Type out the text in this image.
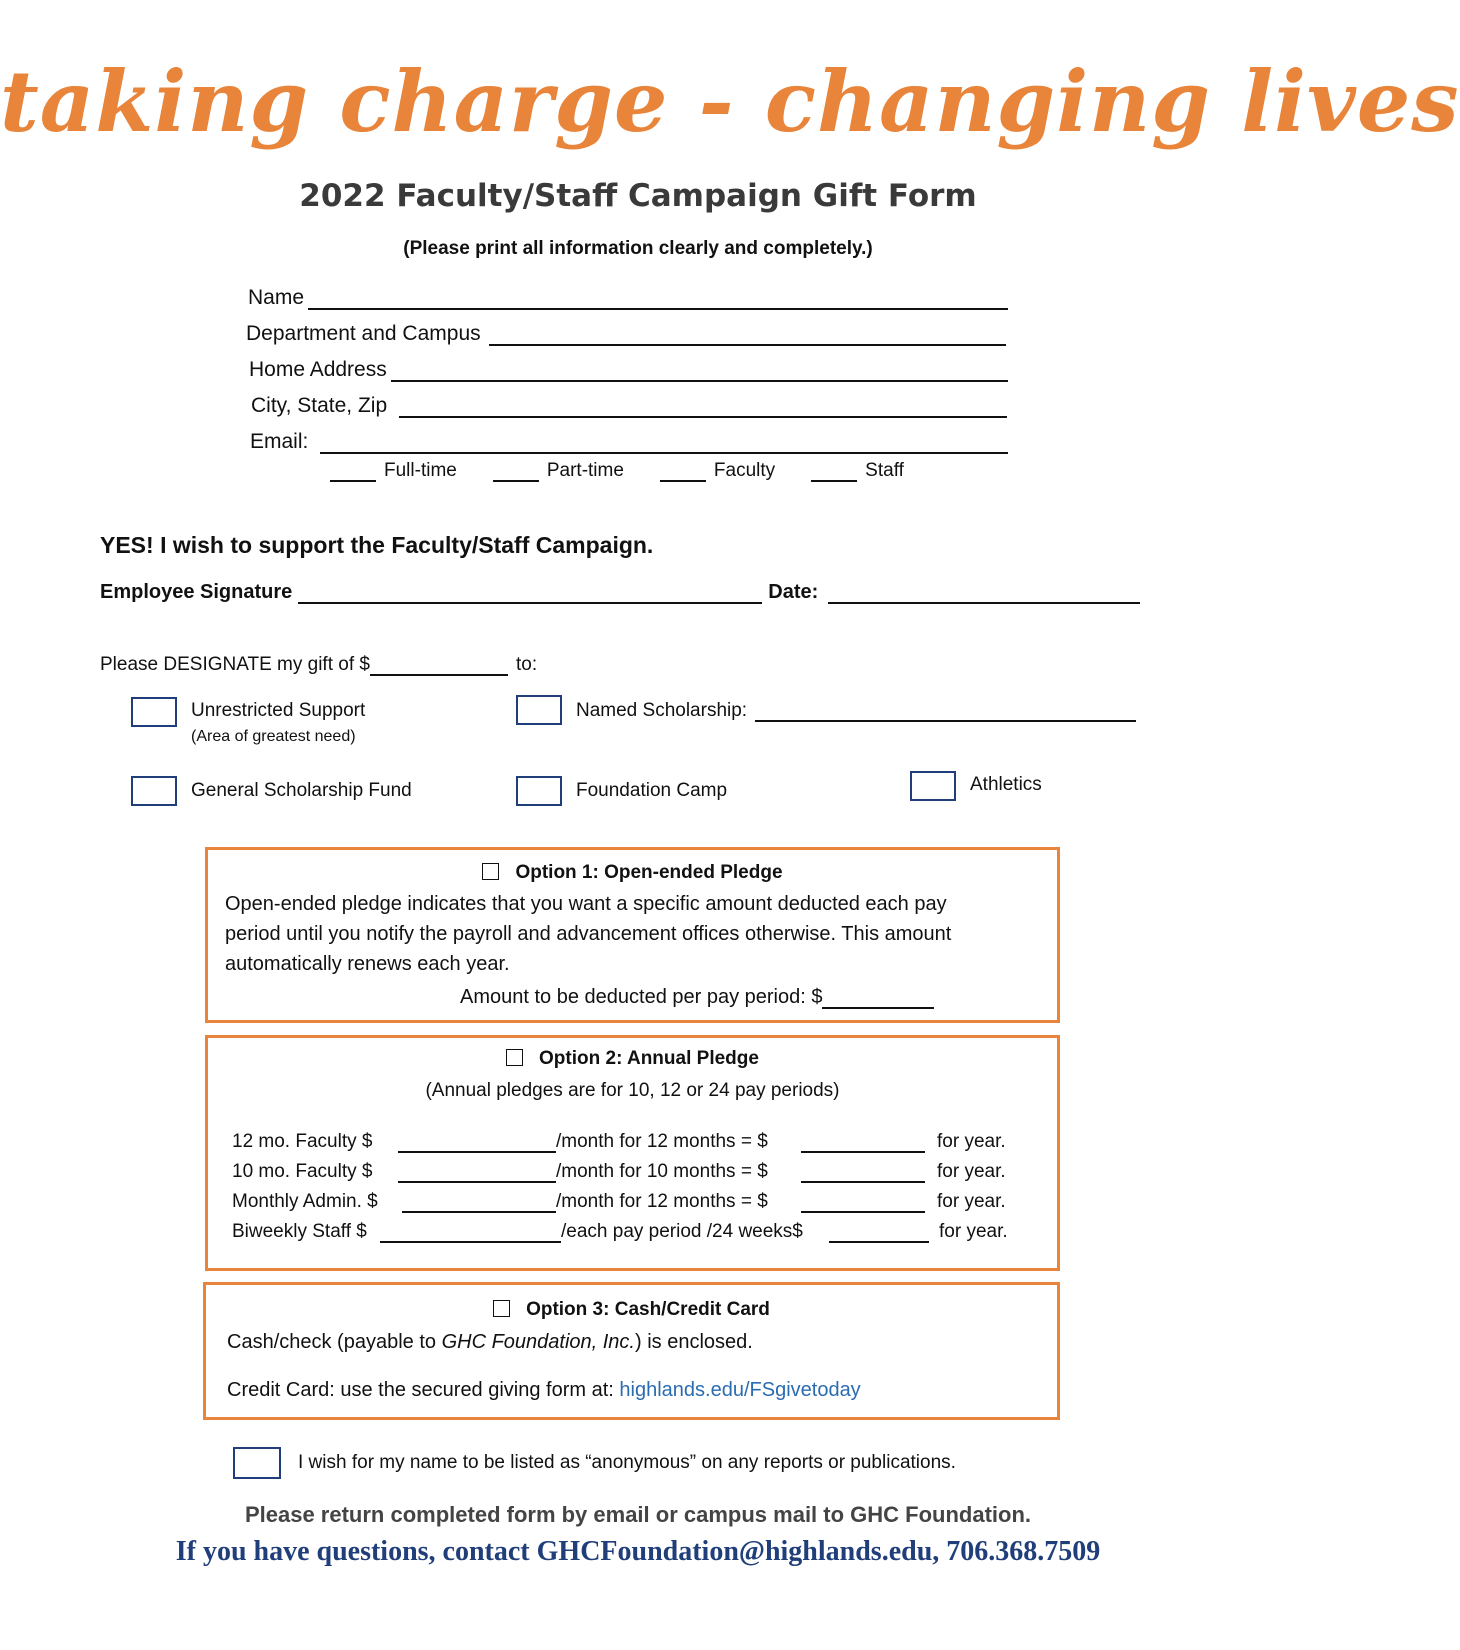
taking charge - changing lives
2022 Faculty/Staff Campaign Gift Form
(Please print all information clearly and completely.)
Name
Department and Campus
Home Address
City, State, Zip
Email:
Full-time	Part-time	Faculty	Staff
YES! I wish to support the Faculty/Staff Campaign.
Employee Signature	Date:
Please DESIGNATE my gift of $	to:
Unrestricted Support
(Area of greatest need)
Named Scholarship:
General Scholarship Fund	Foundation Camp	Athletics
Option 1: Open-ended Pledge
Open-ended pledge indicates that you want a specific amount deducted each pay
period until you notify the payroll and advancement offices otherwise. This amount
automatically renews each year.
Amount to be deducted per pay period: $
Option 2: Annual Pledge
(Annual pledges are for 10, 12 or 24 pay periods)
12 mo. Faculty $	/month for 12 months = $	for year.
10 mo. Faculty $	/month for 10 months = $	for year.
Monthly Admin. $	/month for 12 months = $	for year.
Biweekly Staff $	/each pay period /24 weeks$	for year.
Option 3: Cash/Credit Card
Cash/check (payable to GHC Foundation, Inc.) is enclosed.
Credit Card: use the secured giving form at: highlands.edu/FSgivetoday
I wish for my name to be listed as “anonymous” on any reports or publications.
Please return completed form by email or campus mail to GHC Foundation.
If you have questions, contact GHCFoundation@highlands.edu, 706.368.7509
